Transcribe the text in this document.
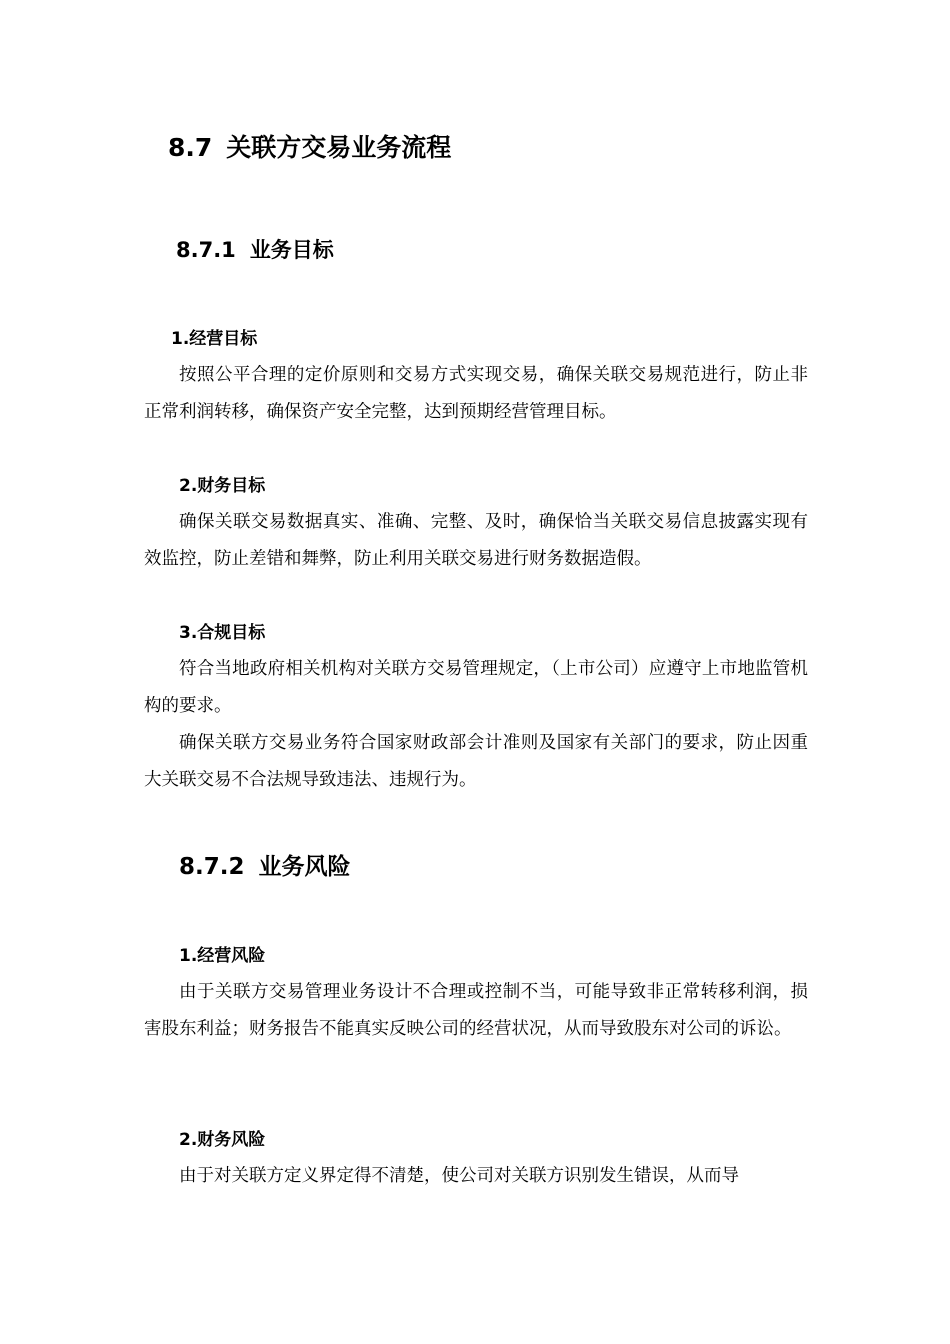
8.7 关联方交易业务流程
8.7.1 业务目标
1.经营目标

按照公平合理的定价原则和交易方式实现交易，确保关联交易规范进行，防止非正常利润转移，确保资产安全完整，达到预期经营管理目标。

2.财务目标

确保关联交易数据真实、准确、完整、及时，确保恰当关联交易信息披露实现有效监控，防止差错和舞弊，防止利用关联交易进行财务数据造假。

3.合规目标

符合当地政府相关机构对关联方交易管理规定，（上市公司）应遵守上市地监管机构的要求。

确保关联方交易业务符合国家财政部会计准则及国家有关部门的要求，防止因重大关联交易不合法规导致违法、违规行为。

8.7.2 业务风险
1.经营风险

由于关联方交易管理业务设计不合理或控制不当，可能导致非正常转移利润，损害股东利益；财务报告不能真实反映公司的经营状况，从而导致股东对公司的诉讼。

2.财务风险

由于对关联方定义界定得不清楚，使公司对关联方识别发生错误，从而导
